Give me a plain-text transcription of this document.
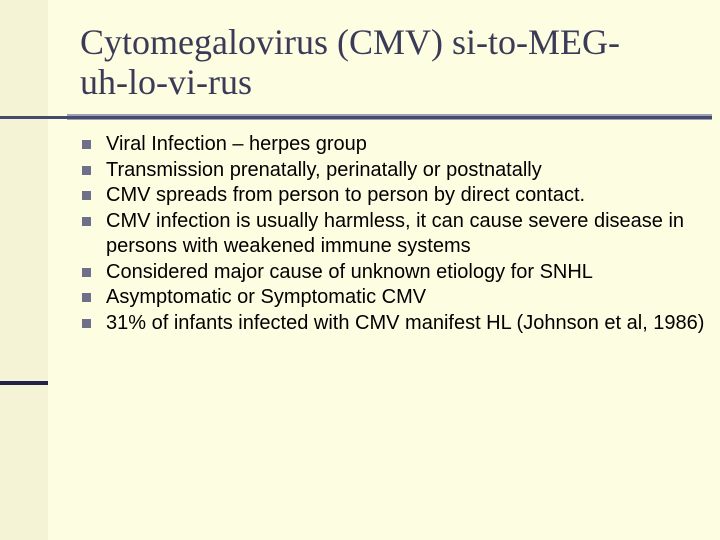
Cytomegalovirus (CMV) si-to-MEG-
uh-lo-vi-rus
Viral Infection – herpes group
Transmission prenatally, perinatally or postnatally
CMV spreads from person to person by direct contact.
CMV infection is usually harmless, it can cause severe disease in persons with weakened immune systems
Considered major cause of unknown etiology for SNHL
Asymptomatic or Symptomatic CMV
31% of infants infected with CMV manifest HL (Johnson et al, 1986)
